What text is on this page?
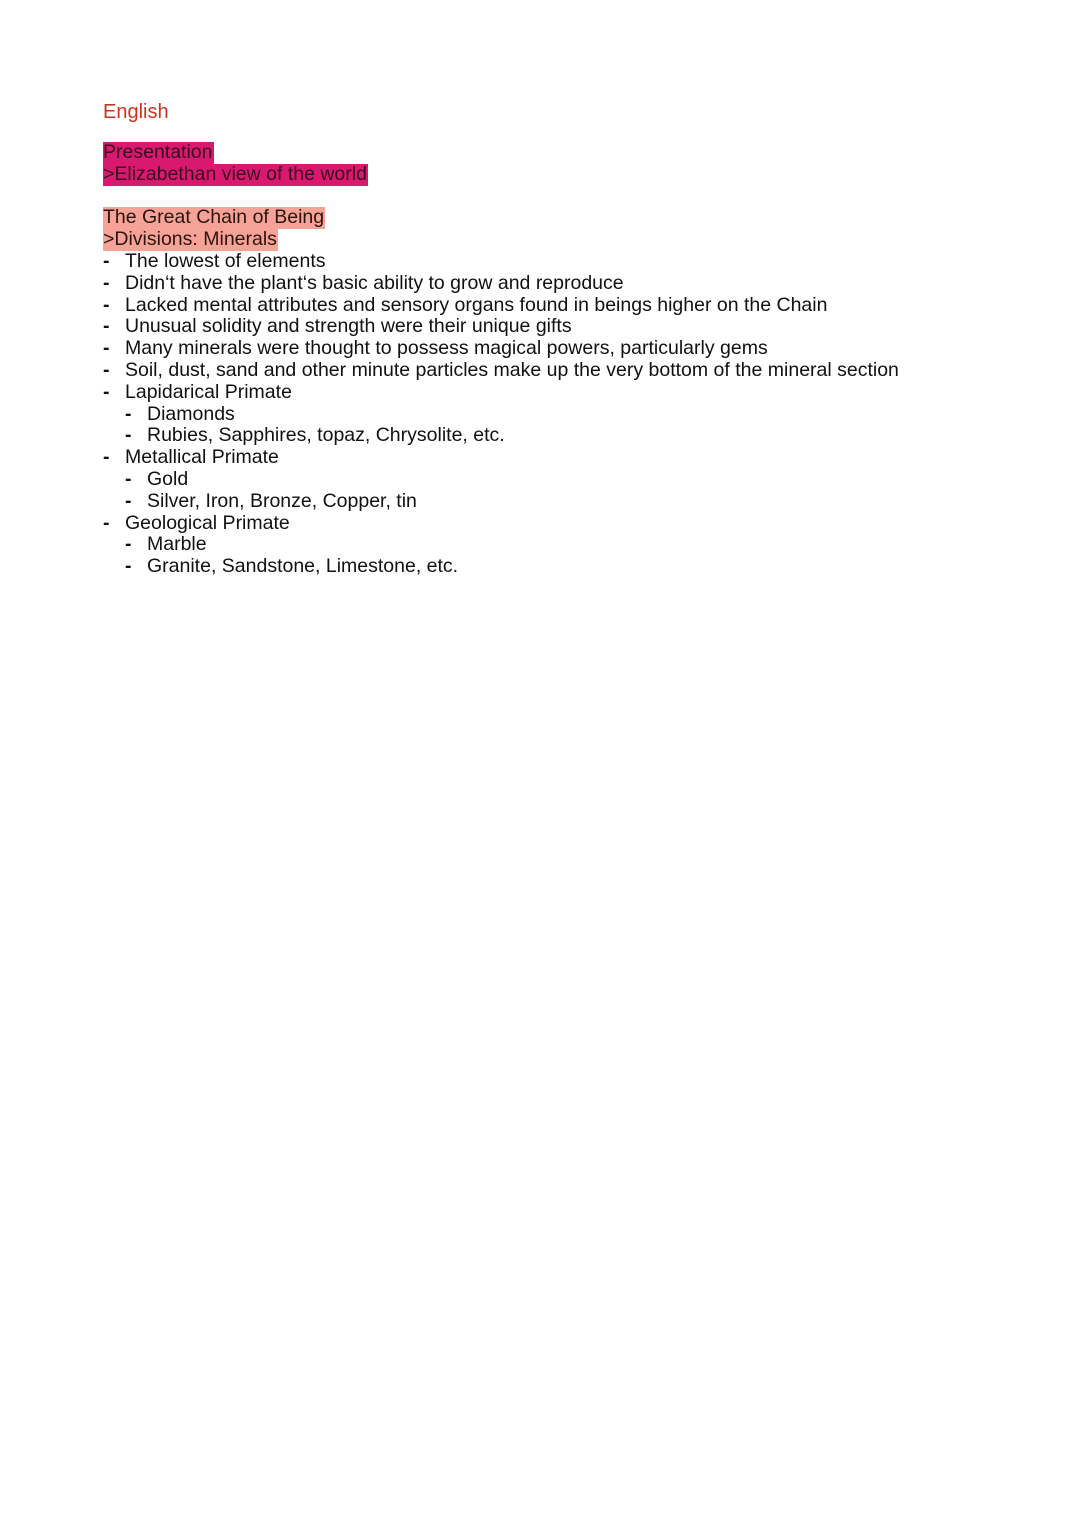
English
Presentation
>Elizabethan view of the world
The Great Chain of Being
>Divisions: Minerals
- The lowest of elements
- Didn‘t have the plant‘s basic ability to grow and reproduce
- Lacked mental attributes and sensory organs found in beings higher on the Chain
- Unusual solidity and strength were their unique gifts
- Many minerals were thought to possess magical powers, particularly gems
- Soil, dust, sand and other minute particles make up the very bottom of the mineral section
- Lapidarical Primate
- Diamonds
- Rubies, Sapphires, topaz, Chrysolite, etc.
- Metallical Primate
- Gold
- Silver, Iron, Bronze, Copper, tin
- Geological Primate
- Marble
- Granite, Sandstone, Limestone, etc.
